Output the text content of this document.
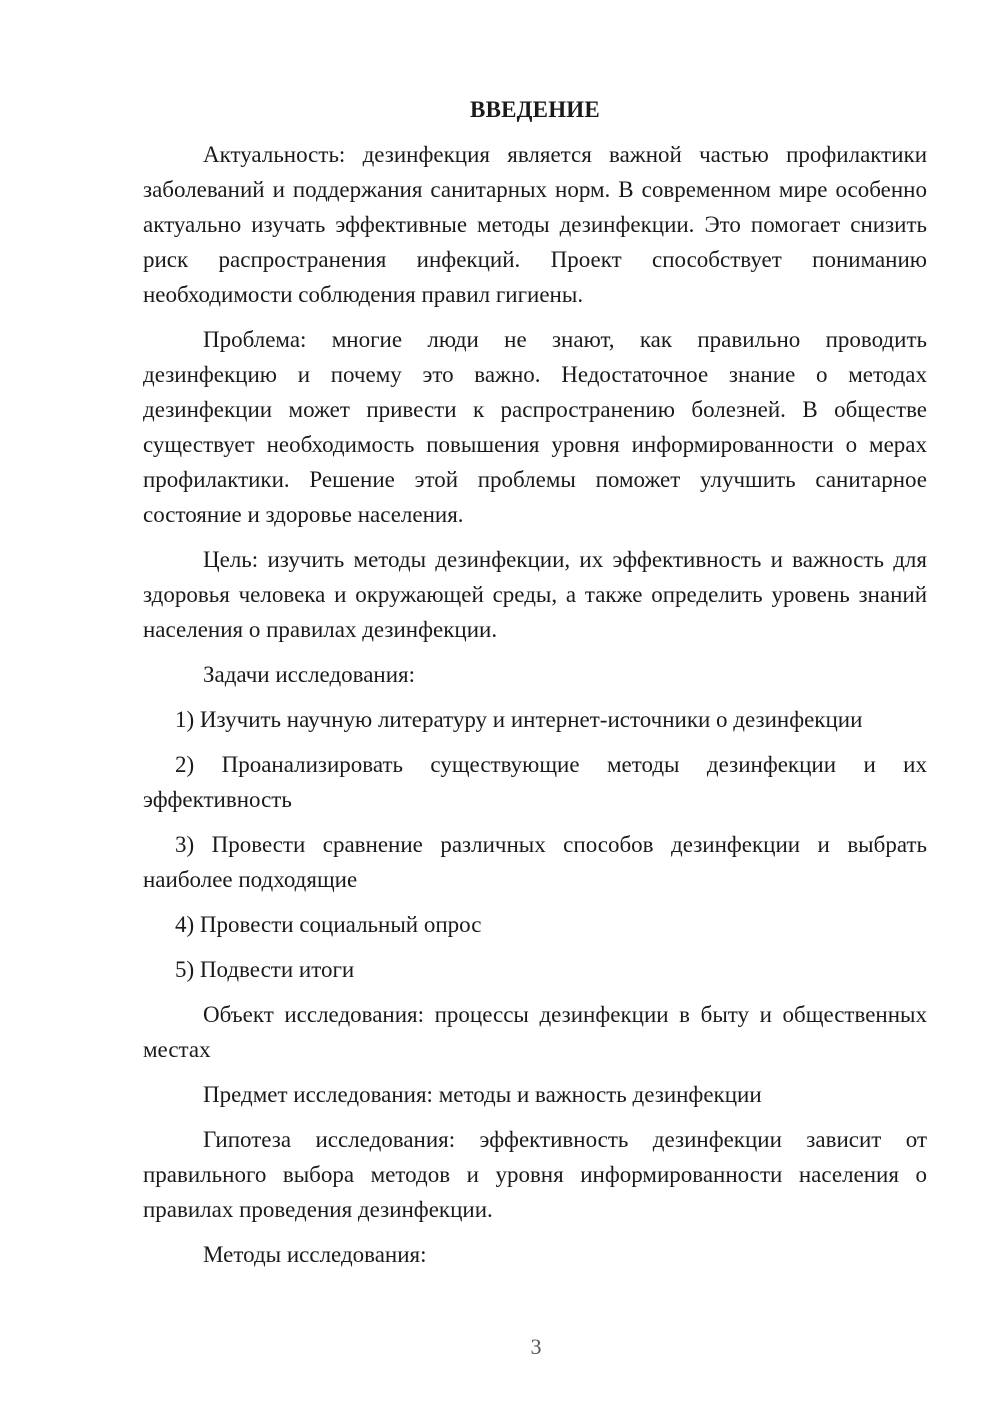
ВВЕДЕНИЕ

Актуальность: дезинфекция является важной частью профилактики заболеваний и поддержания санитарных норм. В современном мире особенно актуально изучать эффективные методы дезинфекции. Это помогает снизить риск распространения инфекций. Проект способствует пониманию необходимости соблюдения правил гигиены.

Проблема: многие люди не знают, как правильно проводить дезинфекцию и почему это важно. Недостаточное знание о методах дезинфекции может привести к распространению болезней. В обществе существует необходимость повышения уровня информированности о мерах профилактики. Решение этой проблемы поможет улучшить санитарное состояние и здоровье населения.

Цель: изучить методы дезинфекции, их эффективность и важность для здоровья человека и окружающей среды, а также определить уровень знаний населения о правилах дезинфекции.

Задачи исследования:

1) Изучить научную литературу и интернет-источники о дезинфекции

2) Проанализировать существующие методы дезинфекции и их эффективность

3) Провести сравнение различных способов дезинфекции и выбрать наиболее подходящие

4) Провести социальный опрос

5) Подвести итоги

Объект исследования: процессы дезинфекции в быту и общественных местах

Предмет исследования: методы и важность дезинфекции

Гипотеза исследования: эффективность дезинфекции зависит от правильного выбора методов и уровня информированности населения о правилах проведения дезинфекции.

Методы исследования:

3
